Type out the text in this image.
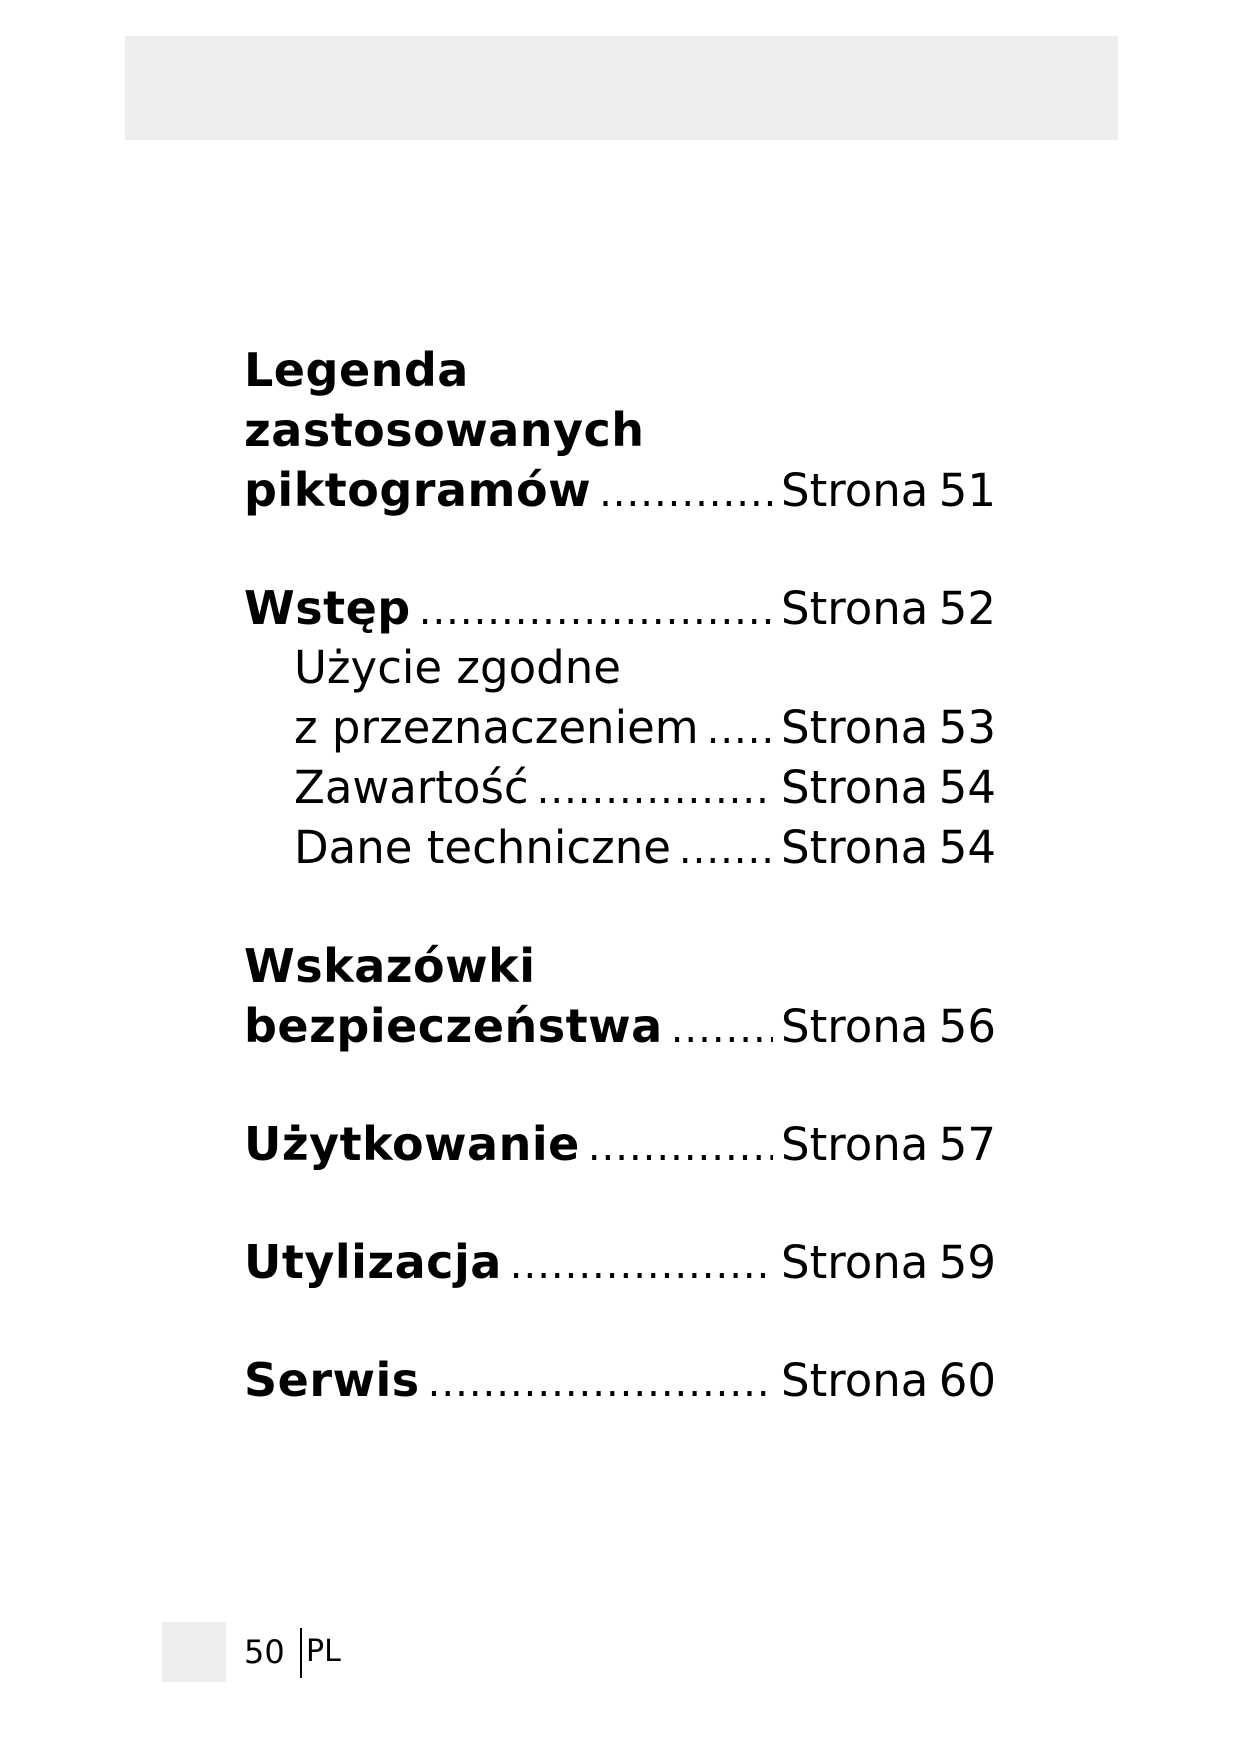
Legenda
zastosowanych
piktogramów .....	Strona 51
Wstęp .....	Strona 52
Użycie zgodne
z przeznaczeniem ..... Strona 53
Zawartość .....	Strona 54
Dane techniczne ..... Strona 54
Wskazówki
bezpieczeństwa .....	Strona 56
Użytkowanie .....	Strona 57
Utylizacja .....	Strona 59
Serwis .....	Strona 60
50 PL
